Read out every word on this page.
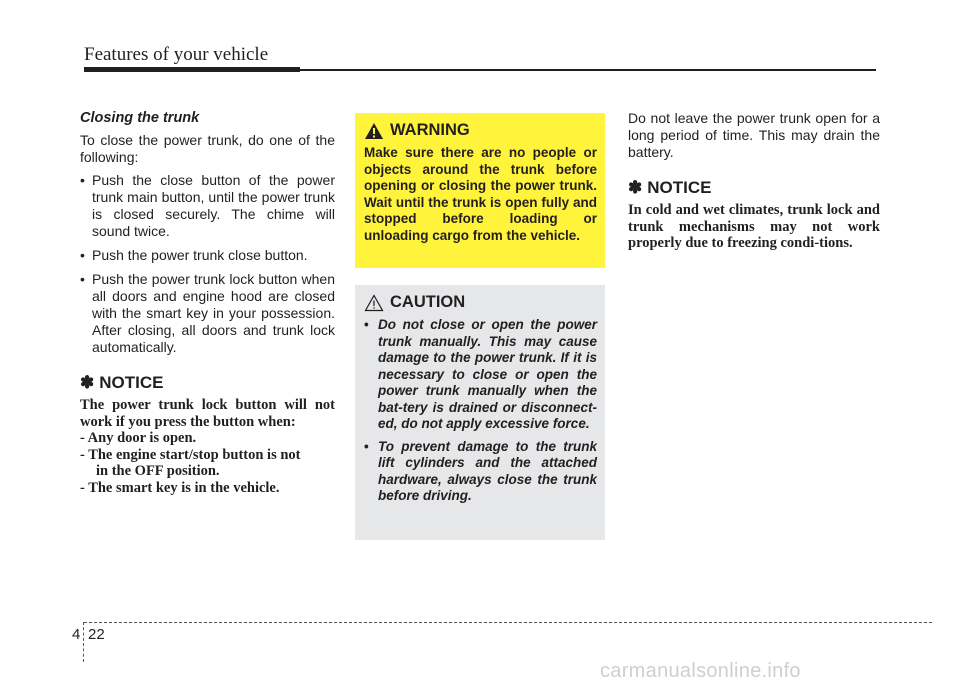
Features of your vehicle
Closing the trunk

To close the power trunk, do one of the following:

• Push the close button of the power trunk main button, until the power trunk is closed securely. The chime will sound twice.
• Push the power trunk close button.
• Push the power trunk lock button when all doors and engine hood are closed with the smart key in your possession. After closing, all doors and trunk lock automatically.
✽ NOTICE

The power trunk lock button will not work if you press the button when:

- Any door is open.

- The engine start/stop button is not

in the OFF position.

- The smart key is in the vehicle.

WARNING
Make sure there are no people or objects around the trunk before opening or closing the power trunk. Wait until the trunk is open fully and stopped before loading or unloading cargo from the vehicle.
CAUTION
• Do not close or open the power trunk manually. This may cause damage to the power trunk. If it is necessary to close or open the power trunk manually when the bat-tery is drained or disconnect-ed, do not apply excessive force.
• To prevent damage to the trunk lift cylinders and the attached hardware, always close the trunk before driving.

Do not leave the power trunk open for a long period of time. This may drain the battery.

✽ NOTICE
In cold and wet climates, trunk lock and trunk mechanisms may not work properly due to freezing condi-tions.
4 22
carmanualsonline.info
